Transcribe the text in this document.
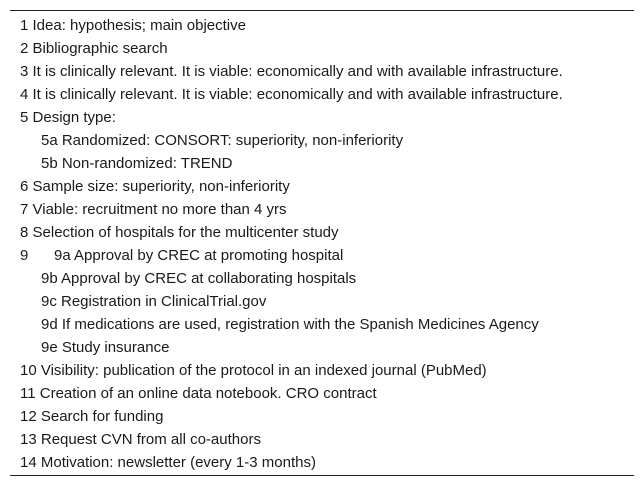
1 Idea: hypothesis; main objective
2 Bibliographic search
3 It is clinically relevant. It is viable: economically and with available infrastructure.
4 It is clinically relevant. It is viable: economically and with available infrastructure.
5 Design type:
5a Randomized: CONSORT: superiority, non-inferiority
5b Non-randomized: TREND
6 Sample size: superiority, non-inferiority
7 Viable: recruitment no more than 4 yrs
8 Selection of hospitals for the multicenter study
9 9a Approval by CREC at promoting hospital
9b Approval by CREC at collaborating hospitals
9c Registration in ClinicalTrial.gov
9d If medications are used, registration with the Spanish Medicines Agency
9e Study insurance
10 Visibility: publication of the protocol in an indexed journal (PubMed)
11 Creation of an online data notebook. CRO contract
12 Search for funding
13 Request CVN from all co-authors
14 Motivation: newsletter (every 1-3 months)
